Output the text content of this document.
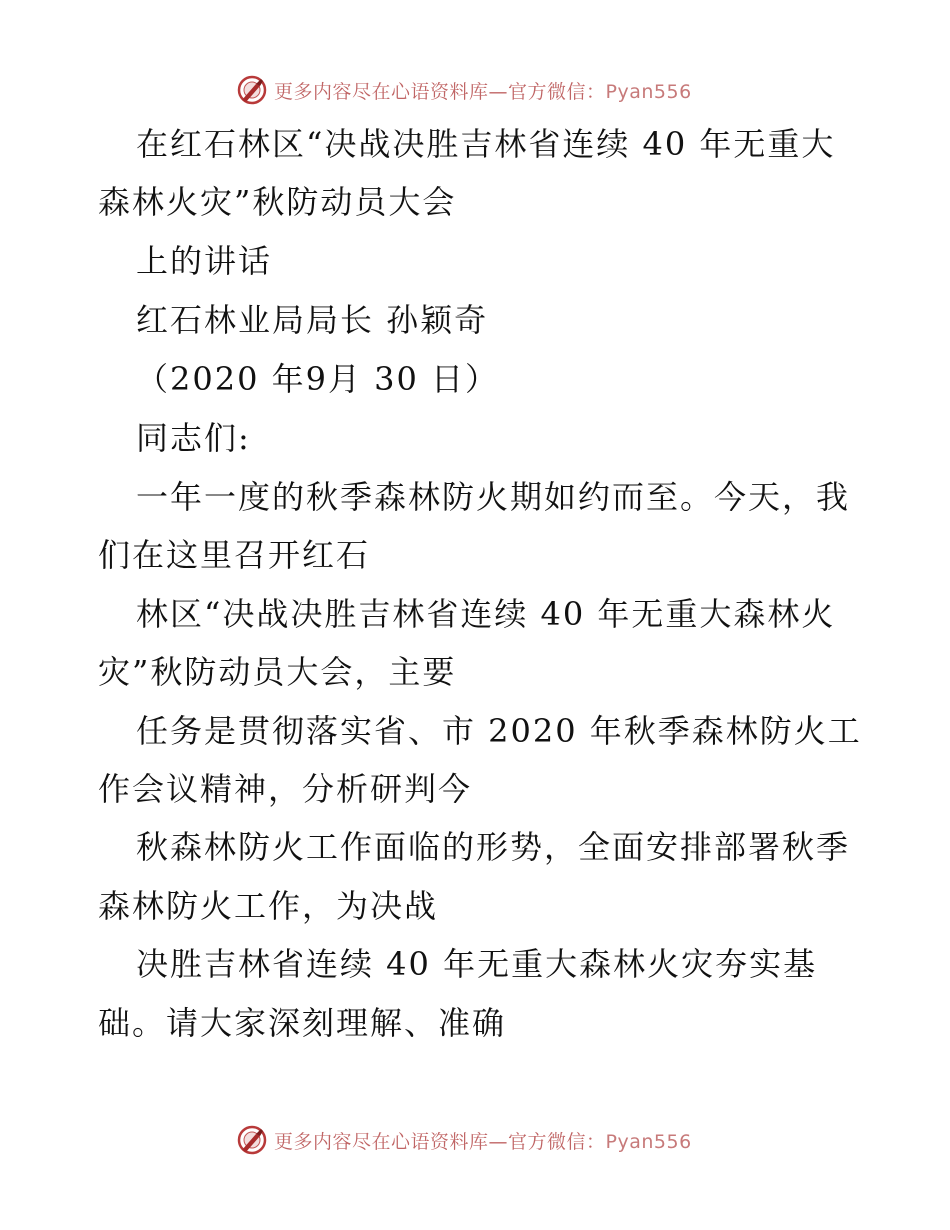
更多内容尽在心语资料库—官方微信：Pyan556
在红石林区“决战决胜吉林省连续 40 年无重大
森林火灾”秋防动员大会
上的讲话
红石林业局局长 孙颖奇
（2020 年9月 30 日）
同志们:
一年一度的秋季森林防火期如约而至。今天，我
们在这里召开红石
林区“决战决胜吉林省连续 40 年无重大森林火
灾”秋防动员大会，主要
任务是贯彻落实省、市 2020 年秋季森林防火工
作会议精神，分析研判今
秋森林防火工作面临的形势，全面安排部署秋季
森林防火工作，为决战
决胜吉林省连续 40 年无重大森林火灾夯实基
础。请大家深刻理解、准确
更多内容尽在心语资料库—官方微信：Pyan556
